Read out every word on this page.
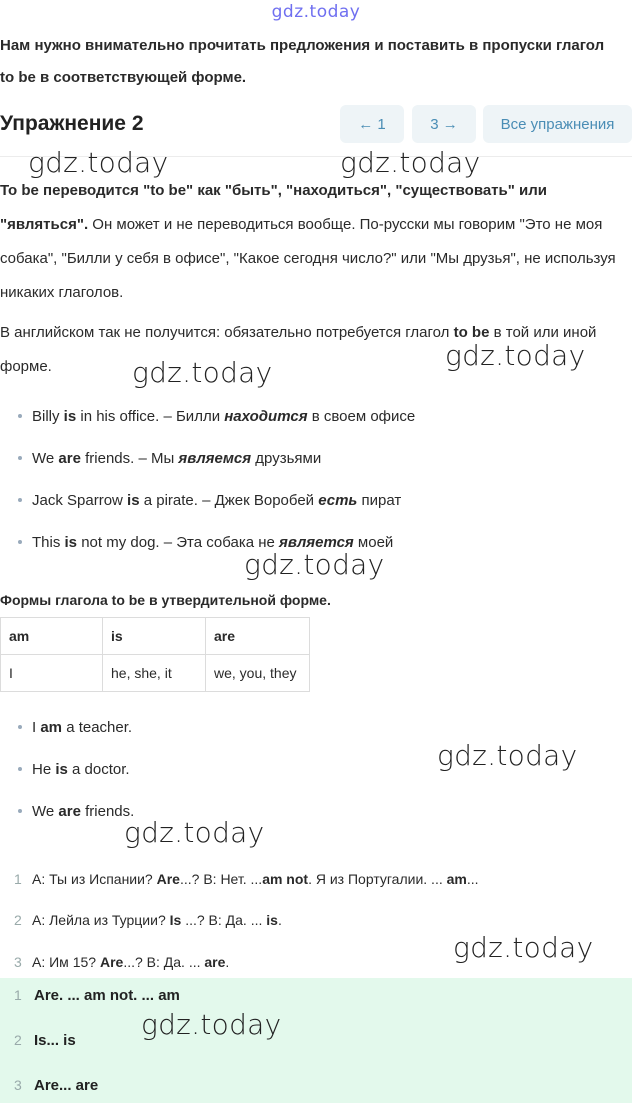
gdz.today
Нам нужно внимательно прочитать предложения и поставить в пропуски глагол to be в соответствующей форме.
Упражнение 2	← 1	3 →	Все упражнения
gdz.today	gdz.today
gdz.today
gdz.today
gdz.today
gdz.today
gdz.today
gdz.today
To be переводится "to be" как "быть", "находиться", "существовать" или "являться". Он может и не переводиться вообще. По-русски мы говорим "Это не моя собака", "Билли у себя в офисе", "Какое сегодня число?" или "Мы друзья", не используя никаких глаголов.
В английском так не получится: обязательно потребуется глагол to be в той или иной форме.
Billy is in his office. – Билли находится в своем офисе
We are friends. – Мы являемся друзьями
Jack Sparrow is a pirate. – Джек Воробей есть пират
This is not my dog. – Эта собака не является моей
Формы глагола to be в утвердительной форме.
am	is	are
I	he, she, it	we, you, they
I am a teacher.
He is a doctor.
We are friends.
1 A: Ты из Испании? Are...? B: Нет. ...am not. Я из Португалии. ... am...
2 A: Лейла из Турции? Is ...? B: Да. ... is.
3 A: Им 15? Are...? B: Да. ... are.
1 Are. ... am not. ... am
2 Is... is
3 Are... are
gdz.today
